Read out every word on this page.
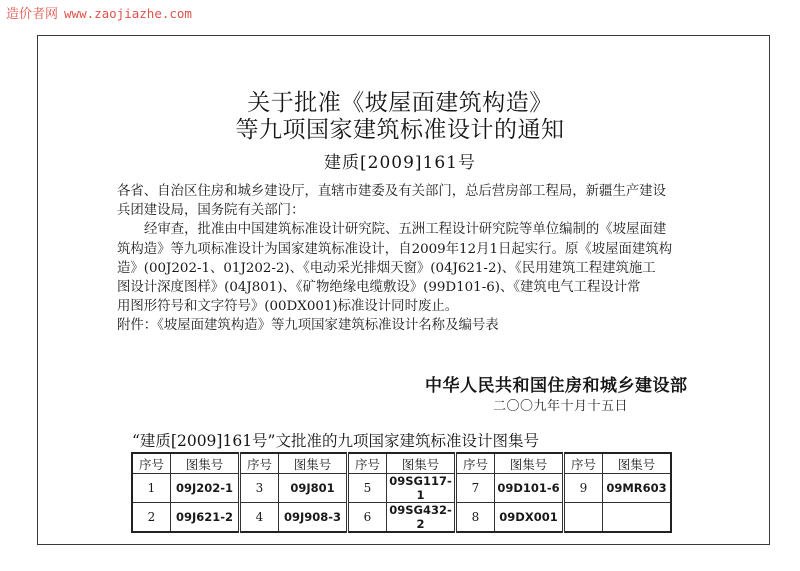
造价者网 www.zaojiazhe.com
关于批准《坡屋面建筑构造》
等九项国家建筑标准设计的通知
建质[2009]161号
各省、自治区住房和城乡建设厅，直辖市建委及有关部门，总后营房部工程局，新疆生产建设
兵团建设局，国务院有关部门：
经审查，批准由中国建筑标准设计研究院、五洲工程设计研究院等单位编制的《坡屋面建
筑构造》等九项标准设计为国家建筑标准设计，自2009年12月1日起实行。原《坡屋面建筑构
造》(00J202-1、01J202-2)、《电动采光排烟天窗》(04J621-2)、《民用建筑工程建筑施工
图设计深度图样》(04J801)、《矿物绝缘电缆敷设》(99D101-6)、《建筑电气工程设计常
用图形符号和文字符号》(00DX001)标准设计同时废止。
附件：《坡屋面建筑构造》等九项国家建筑标准设计名称及编号表
中华人民共和国住房和城乡建设部
二〇〇九年十月十五日
“建质[2009]161号”文批准的九项国家建筑标准设计图集号
序号	图集号	序号	图集号	序号	图集号	序号	图集号	序号	图集号
1	09J202-1	3	09J801	5	09SG117-1	7	09D101-6	9	09MR603
2	09J621-2	4	09J908-3	6	09SG432-2	8	09DX001		
